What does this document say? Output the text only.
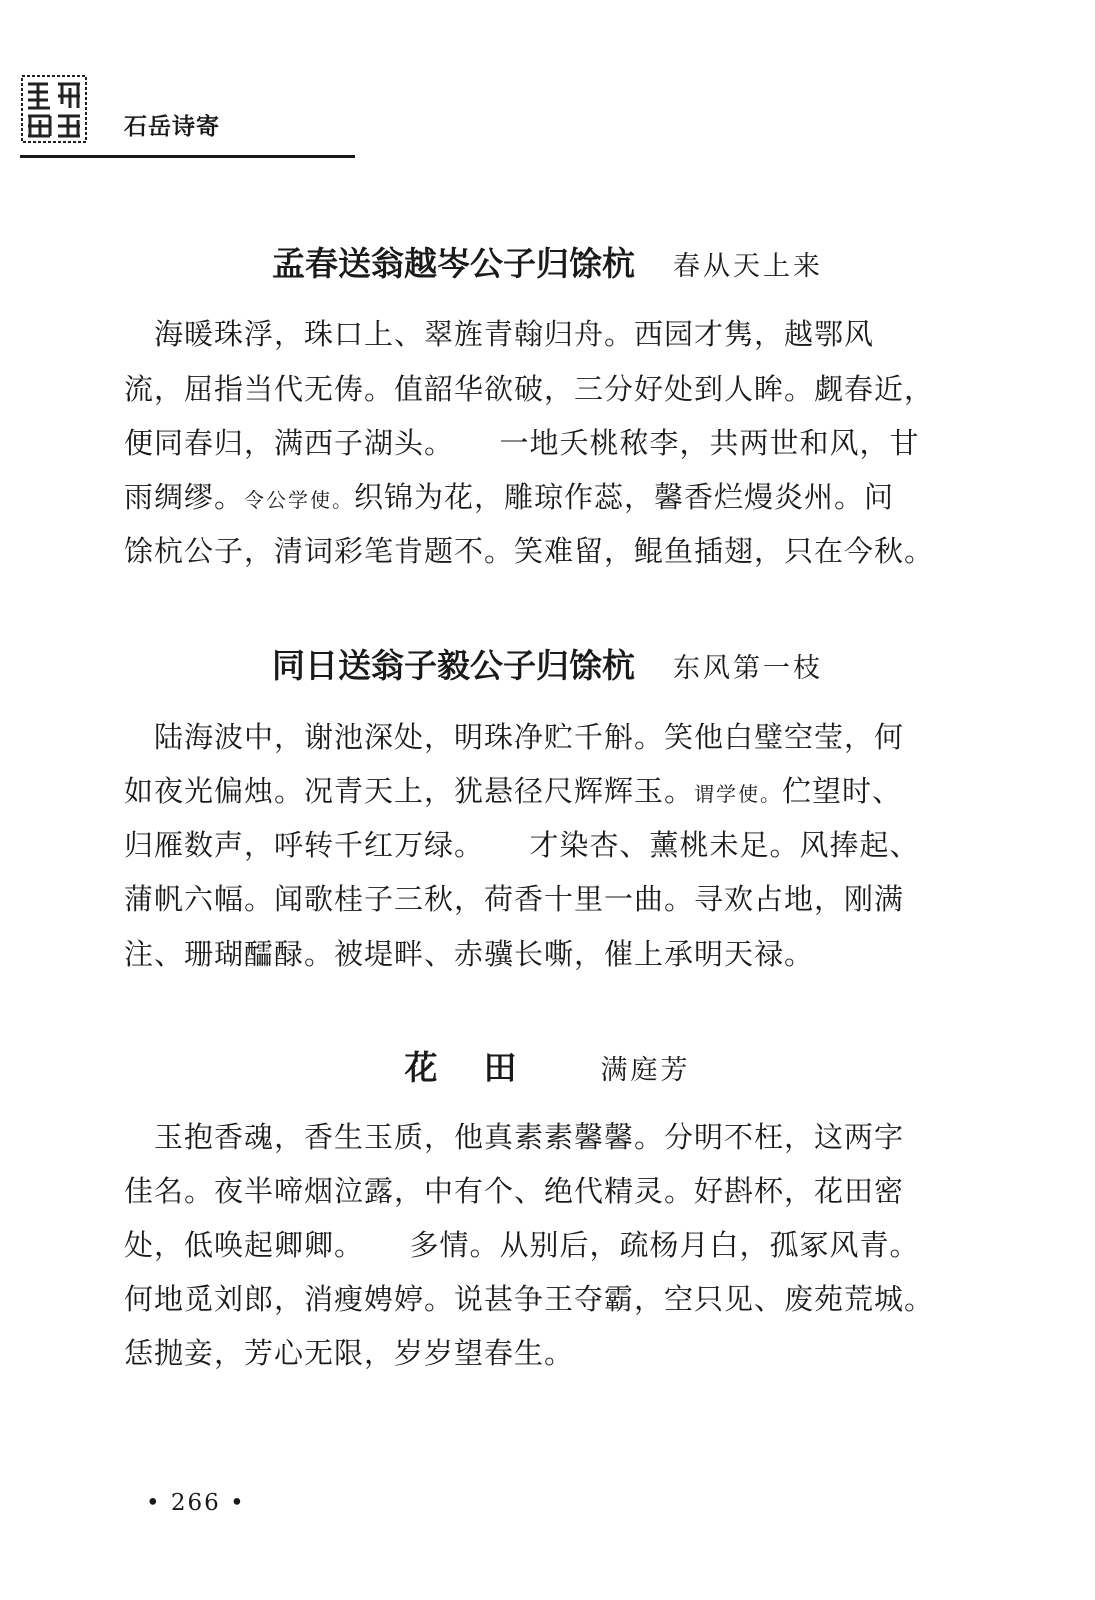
石岳诗寄
孟春送翁越岑公子归馀杭 春从天上来
　海暖珠浮，珠口上、翠旌青翰归舟。西园才隽，越鄂风
流，屈指当代无俦。值韶华欲破，三分好处到人眸。觑春近，
便同春归，满西子湖头。　　一地夭桃秾李，共两世和风，甘
雨绸缪。令公学使。织锦为花，雕琼作蕊，馨香烂熳炎州。问
馀杭公子，清词彩笔肯题不。笑难留，鲲鱼插翅，只在今秋。
同日送翁子毅公子归馀杭 东风第一枝
　陆海波中，谢池深处，明珠净贮千斛。笑他白璧空莹，何
如夜光偏烛。况青天上，犹悬径尺辉辉玉。谓学使。伫望时、
归雁数声，呼转千红万绿。　　才染杏、薰桃未足。风捧起、
蒲帆六幅。闻歌桂子三秋，荷香十里一曲。寻欢占地，刚满
注、珊瑚醽醁。被堤畔、赤骥长嘶，催上承明天禄。
花田 满庭芳
　玉抱香魂，香生玉质，他真素素馨馨。分明不枉，这两字
佳名。夜半啼烟泣露，中有个、绝代精灵。好斟杯，花田密
处，低唤起卿卿。　　多情。从别后，疏杨月白，孤冢风青。
何地觅刘郎，消瘦娉婷。说甚争王夺霸，空只见、废苑荒城。
恁抛妾，芳心无限，岁岁望春生。
• 266 •
